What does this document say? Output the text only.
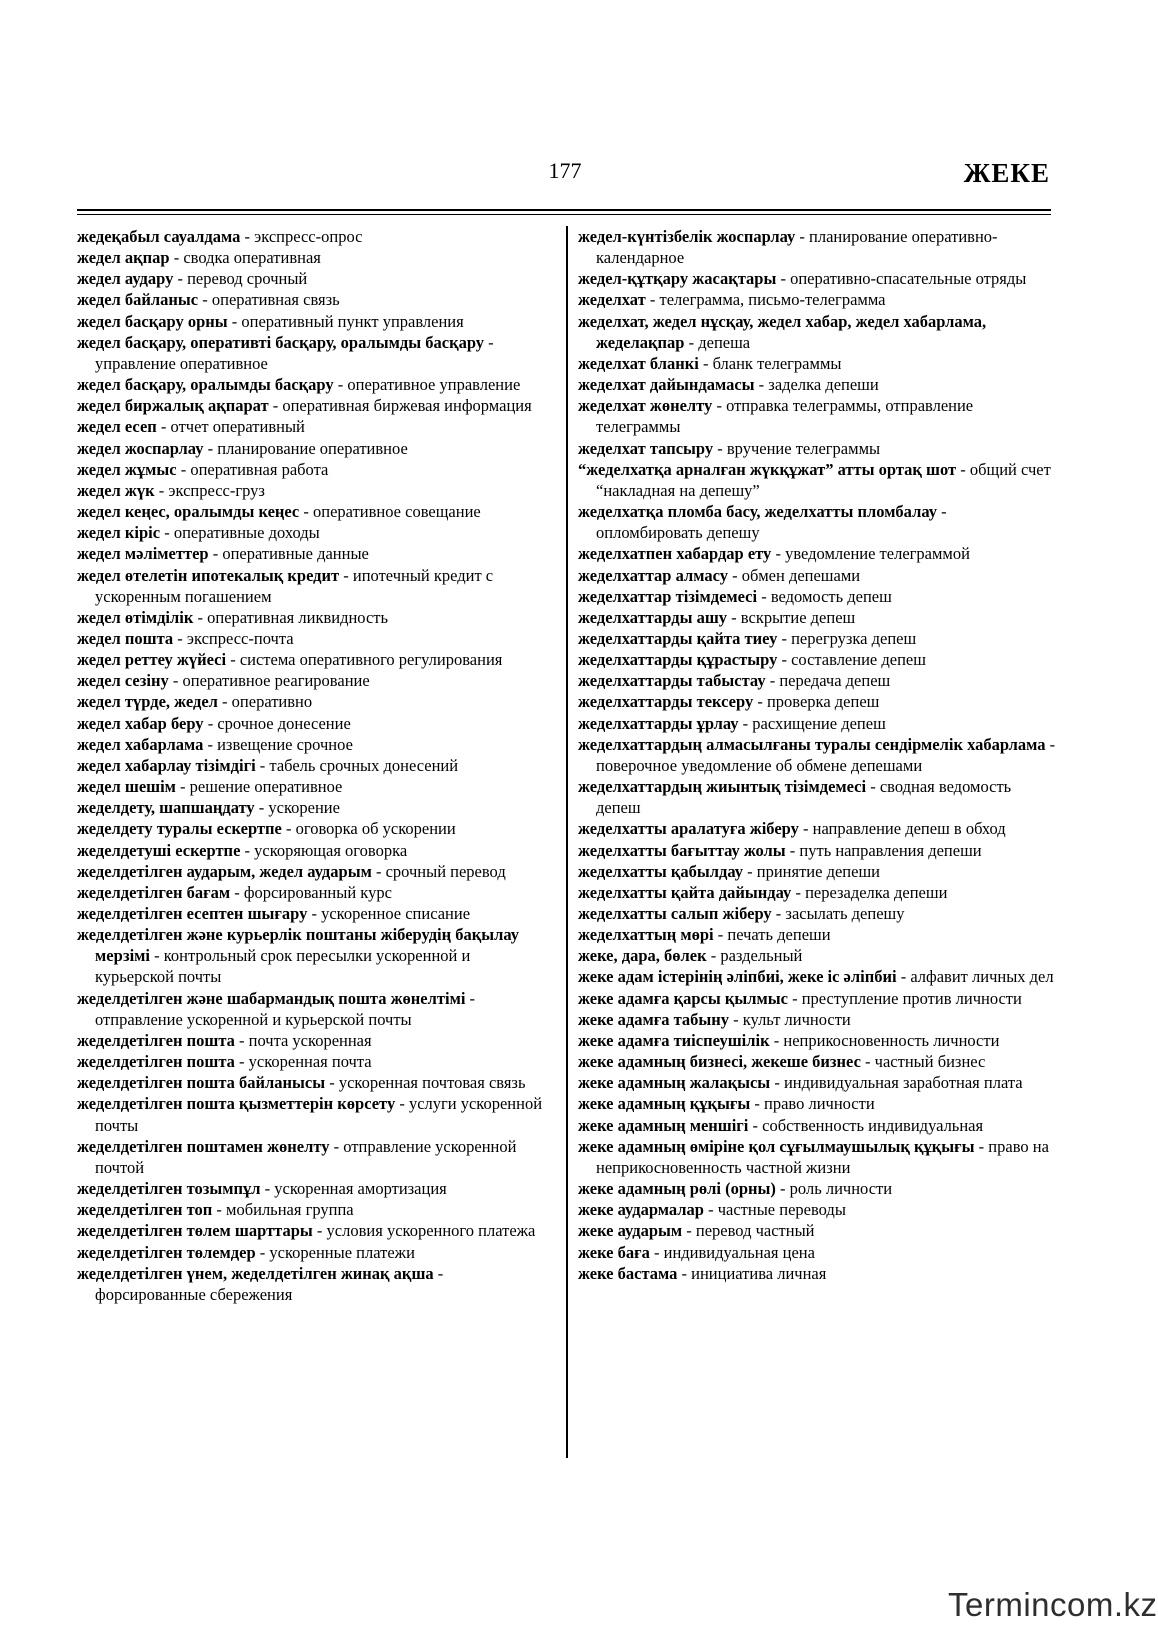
177	ЖЕКЕ

жедеқабыл сауалдама - экспресс-опрос

жедел ақпар - сводка оперативная

жедел аудару - перевод срочный

жедел байланыс - оперативная связь

жедел басқару орны - оперативный пункт управления

жедел басқару, оперативті басқару, оралымды басқару - управление оперативное

жедел басқару, оралымды басқару - оперативное управление

жедел биржалық ақпарат - оперативная биржевая информация

жедел есеп - отчет оперативный

жедел жоспарлау - планирование оперативное

жедел жұмыс - оперативная работа

жедел жүк - экспресс-груз

жедел кеңес, оралымды кеңес - оперативное совещание

жедел кіріс - оперативные доходы

жедел мәліметтер - оперативные данные

жедел өтелетін ипотекалық кредит - ипотечный кредит с ускоренным погашением

жедел өтімділік - оперативная ликвидность

жедел пошта - экспресс-почта

жедел реттеу жүйесі - система оперативного регулирования

жедел сезіну - оперативное реагирование

жедел түрде, жедел - оперативно

жедел хабар беру - срочное донесение

жедел хабарлама - извещение срочное

жедел хабарлау тізімдігі - табель срочных донесений

жедел шешім - решение оперативное

жеделдету, шапшаңдату - ускорение

жеделдету туралы ескертпе - оговорка об ускорении

жеделдетуші ескертпе - ускоряющая оговорка

жеделдетілген аударым, жедел аударым - срочный перевод

жеделдетілген бағам - форсированный курс

жеделдетілген есептен шығару - ускоренное списание

жеделдетілген және курьерлік поштаны жіберудің бақылау мерзімі - контрольный срок пересылки ускоренной и курьерской почты

жеделдетілген және шабармандық пошта жөнелтімі - отправление ускоренной и курьерской почты

жеделдетілген пошта - почта ускоренная

жеделдетілген пошта - ускоренная почта

жеделдетілген пошта байланысы - ускоренная почтовая связь

жеделдетілген пошта қызметтерін көрсету - услуги ускоренной почты

жеделдетілген поштамен жөнелту - отправление ускоренной почтой

жеделдетілген тозымпұл - ускоренная амортизация

жеделдетілген топ - мобильная группа

жеделдетілген төлем шарттары - условия ускоренного платежа

жеделдетілген төлемдер - ускоренные платежи

жеделдетілген үнем, жеделдетілген жинақ ақша - форсированные сбережения

жедел-күнтізбелік жоспарлау - планирование оперативно-календарное

жедел-құтқару жасақтары - оперативно-спасательные отряды

жеделхат - телеграмма, письмо-телеграмма

жеделхат, жедел нұсқау, жедел хабар, жедел хабарлама, жеделақпар - депеша

жеделхат бланкі - бланк телеграммы

жеделхат дайындамасы - заделка депеши

жеделхат жөнелту - отправка телеграммы, отправление телеграммы

жеделхат тапсыру - вручение телеграммы

“жеделхатқа арналған жүкқұжат” атты ортақ шот - общий счет “накладная на депешу”

жеделхатқа пломба басу, жеделхатты пломбалау - опломбировать депешу

жеделхатпен хабардар ету - уведомление телеграммой

жеделхаттар алмасу - обмен депешами

жеделхаттар тізімдемесі - ведомость депеш

жеделхаттарды ашу - вскрытие депеш

жеделхаттарды қайта тиеу - перегрузка депеш

жеделхаттарды құрастыру - составление депеш

жеделхаттарды табыстау - передача депеш

жеделхаттарды тексеру - проверка депеш

жеделхаттарды ұрлау - расхищение депеш

жеделхаттардың алмасылғаны туралы сендірмелік хабарлама - поверочное уведомление об обмене депешами

жеделхаттардың жиынтық тізімдемесі - сводная ведомость депеш

жеделхатты аралатуға жіберу - направление депеш в обход

жеделхатты бағыттау жолы - путь направления депеши

жеделхатты қабылдау - принятие депеши

жеделхатты қайта дайындау - перезаделка депеши

жеделхатты салып жіберу - засылать депешу

жеделхаттың мөрі - печать депеши

жеке, дара, бөлек - раздельный

жеке адам істерінің әліпбиі, жеке іс әліпбиі - алфавит личных дел

жеке адамға қарсы қылмыс - преступление против личности

жеке адамға табыну - культ личности

жеке адамға тиіспеушілік - неприкосновенность личности

жеке адамның бизнесі, жекеше бизнес - частный бизнес

жеке адамның жалақысы - индивидуальная заработная плата

жеке адамның құқығы - право личности

жеке адамның меншігі - собственность индивидуальная

жеке адамның өміріне қол сұғылмаушылық құқығы - право на неприкосновенность частной жизни

жеке адамның рөлі (орны) - роль личности

жеке аудармалар - частные переводы

жеке аударым - перевод частный

жеке баға - индивидуальная цена

жеке бастама - инициатива личная

Termincom.kz
